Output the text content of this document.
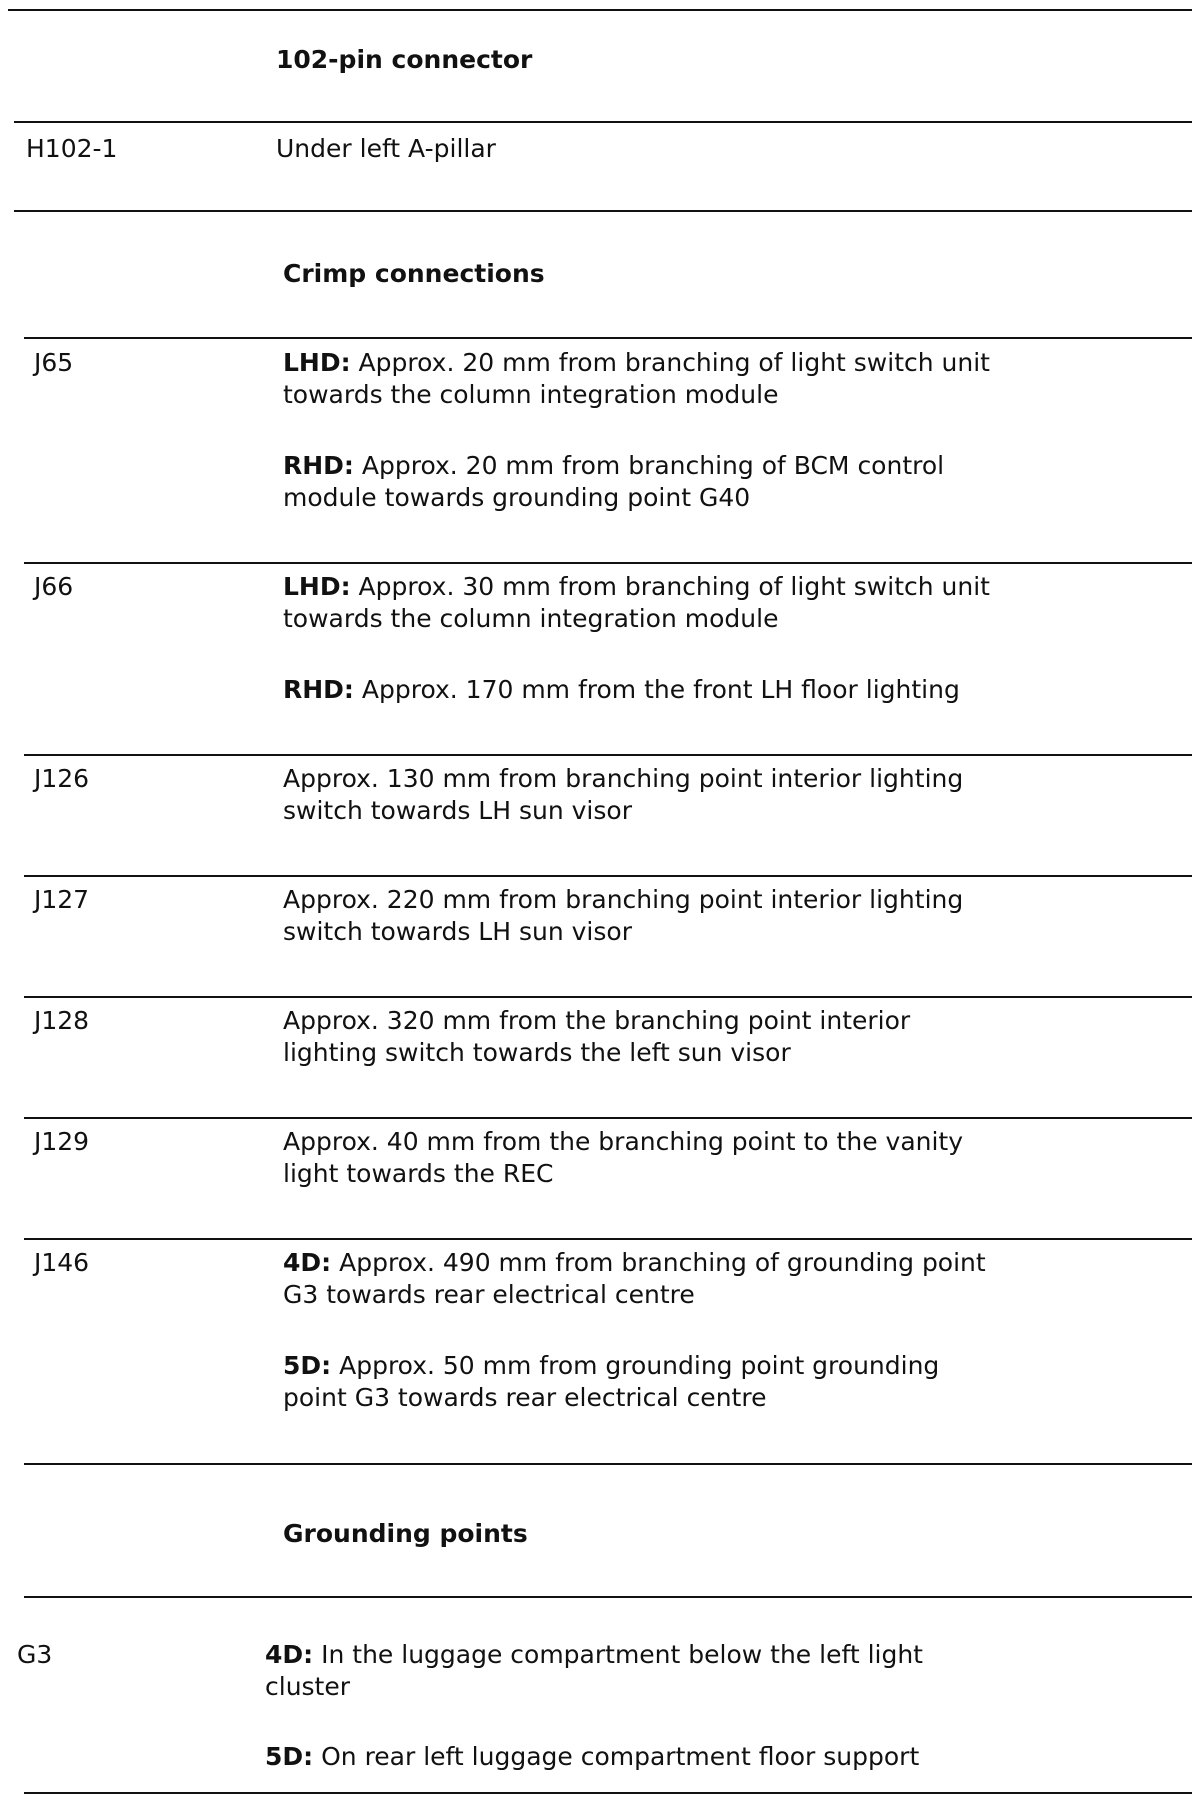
102-pin connector
H102-1	Under left A-pillar
Crimp connections
J65	LHD: Approx. 20 mm from branching of light switch unit
towards the column integration module
RHD: Approx. 20 mm from branching of BCM control
module towards grounding point G40
J66	LHD: Approx. 30 mm from branching of light switch unit
towards the column integration module
RHD: Approx. 170 mm from the front LH floor lighting
J126	Approx. 130 mm from branching point interior lighting
switch towards LH sun visor
J127	Approx. 220 mm from branching point interior lighting
switch towards LH sun visor
J128	Approx. 320 mm from the branching point interior
lighting switch towards the left sun visor
J129	Approx. 40 mm from the branching point to the vanity
light towards the REC
J146	4D: Approx. 490 mm from branching of grounding point
G3 towards rear electrical centre
5D: Approx. 50 mm from grounding point grounding
point G3 towards rear electrical centre
Grounding points
G3	4D: In the luggage compartment below the left light
cluster
5D: On rear left luggage compartment floor support
